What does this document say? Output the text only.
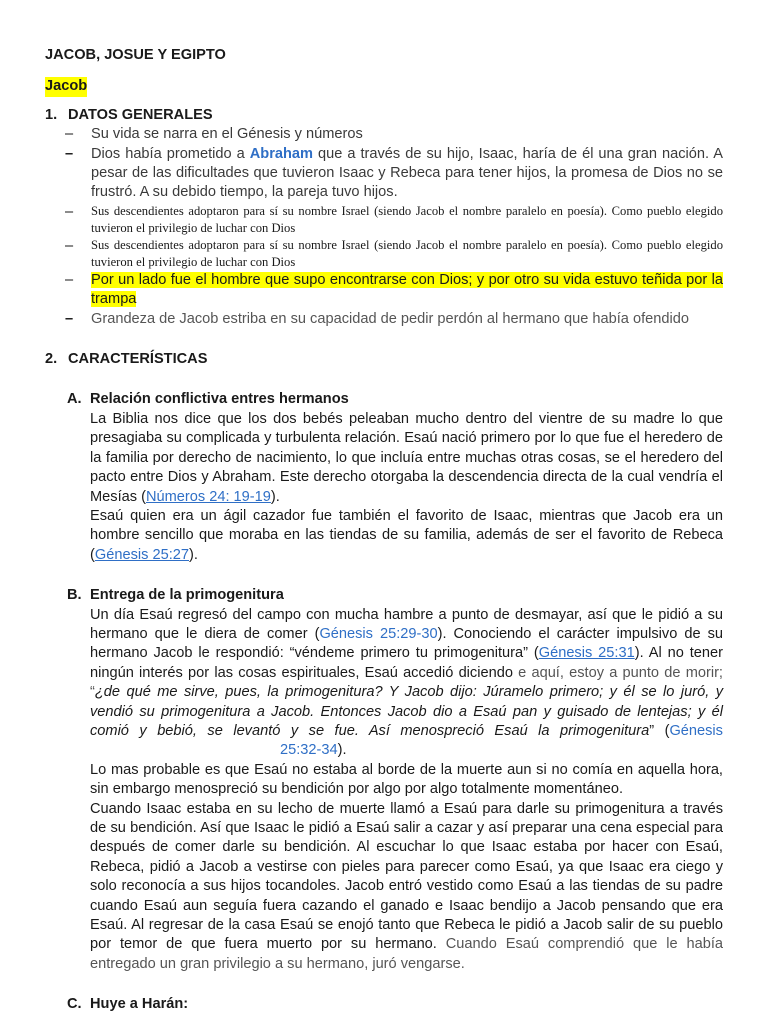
JACOB, JOSUE Y EGIPTO
Jacob
1. DATOS GENERALES
–	Su vida se narra en el Génesis y números
–	Dios había prometido a Abraham que a través de su hijo, Isaac, haría de él una gran nación. A pesar de las dificultades que tuvieron Isaac y Rebeca para tener hijos, la promesa de Dios no se frustró. A su debido tiempo, la pareja tuvo hijos.
–	Sus descendientes adoptaron para sí su nombre Israel (siendo Jacob el nombre paralelo en poesía). Como pueblo elegido tuvieron el privilegio de luchar con Dios
–	Sus descendientes adoptaron para sí su nombre Israel (siendo Jacob el nombre paralelo en poesía). Como pueblo elegido tuvieron el privilegio de luchar con Dios
–	Por un lado fue el hombre que supo encontrarse con Dios; y por otro su vida estuvo teñida por la trampa
–	Grandeza de Jacob estriba en su capacidad de pedir perdón al hermano que había ofendido
2. CARACTERÍSTICAS
A. Relación conflictiva entres hermanos

La Biblia nos dice que los dos bebés peleaban mucho dentro del vientre de su madre lo que presagiaba su complicada y turbulenta relación. Esaú nació primero por lo que fue el heredero de la familia por derecho de nacimiento, lo que incluía entre muchas otras cosas, se el heredero del pacto entre Dios y Abraham. Este derecho otorgaba la descendencia directa de la cual vendría el Mesías (Números 24: 19-19).

Esaú quien era un ágil cazador fue también el favorito de Isaac, mientras que Jacob era un hombre sencillo que moraba en las tiendas de su familia, además de ser el favorito de Rebeca (Génesis 25:27).

B. Entrega de la primogenitura

Un día Esaú regresó del campo con mucha hambre a punto de desmayar, así que le pidió a su hermano que le diera de comer (Génesis 25:29-30). Conociendo el carácter impulsivo de su hermano Jacob le respondió: “véndeme primero tu primogenitura” (Génesis 25:31). Al no tener ningún interés por las cosas espirituales, Esaú accedió diciendo e aquí, estoy a punto de morir; “¿de qué me sirve, pues, la primogenitura? Y Jacob dijo: Júramelo primero; y él se lo juró, y vendió su primogenitura a Jacob. Entonces Jacob dio a Esaú pan y guisado de lentejas; y él comió y bebió, se levantó y se fue. Así menospreció Esaú la primogenitura” (Génesis25:32-34).

Lo mas probable es que Esaú no estaba al borde de la muerte aun si no comía en aquella hora, sin embargo menospreció su bendición por algo por algo totalmente momentáneo.

Cuando Isaac estaba en su lecho de muerte llamó a Esaú para darle su primogenitura a través de su bendición. Así que Isaac le pidió a Esaú salir a cazar y así preparar una cena especial para después de comer darle su bendición. Al escuchar lo que Isaac estaba por hacer con Esaú, Rebeca, pidió a Jacob a vestirse con pieles para parecer como Esaú, ya que Isaac era ciego y solo reconocía a sus hijos tocandoles. Jacob entró vestido como Esaú a las tiendas de su padre cuando Esaú aun seguía fuera cazando el ganado e Isaac bendijo a Jacob pensando que era Esaú. Al regresar de la casa Esaú se enojó tanto que Rebeca le pidió a Jacob salir de su pueblo por temor de que fuera muerto por su hermano. Cuando Esaú comprendió que le había entregado un gran privilegio a su hermano, juró vengarse.

C. Huye a Harán:
